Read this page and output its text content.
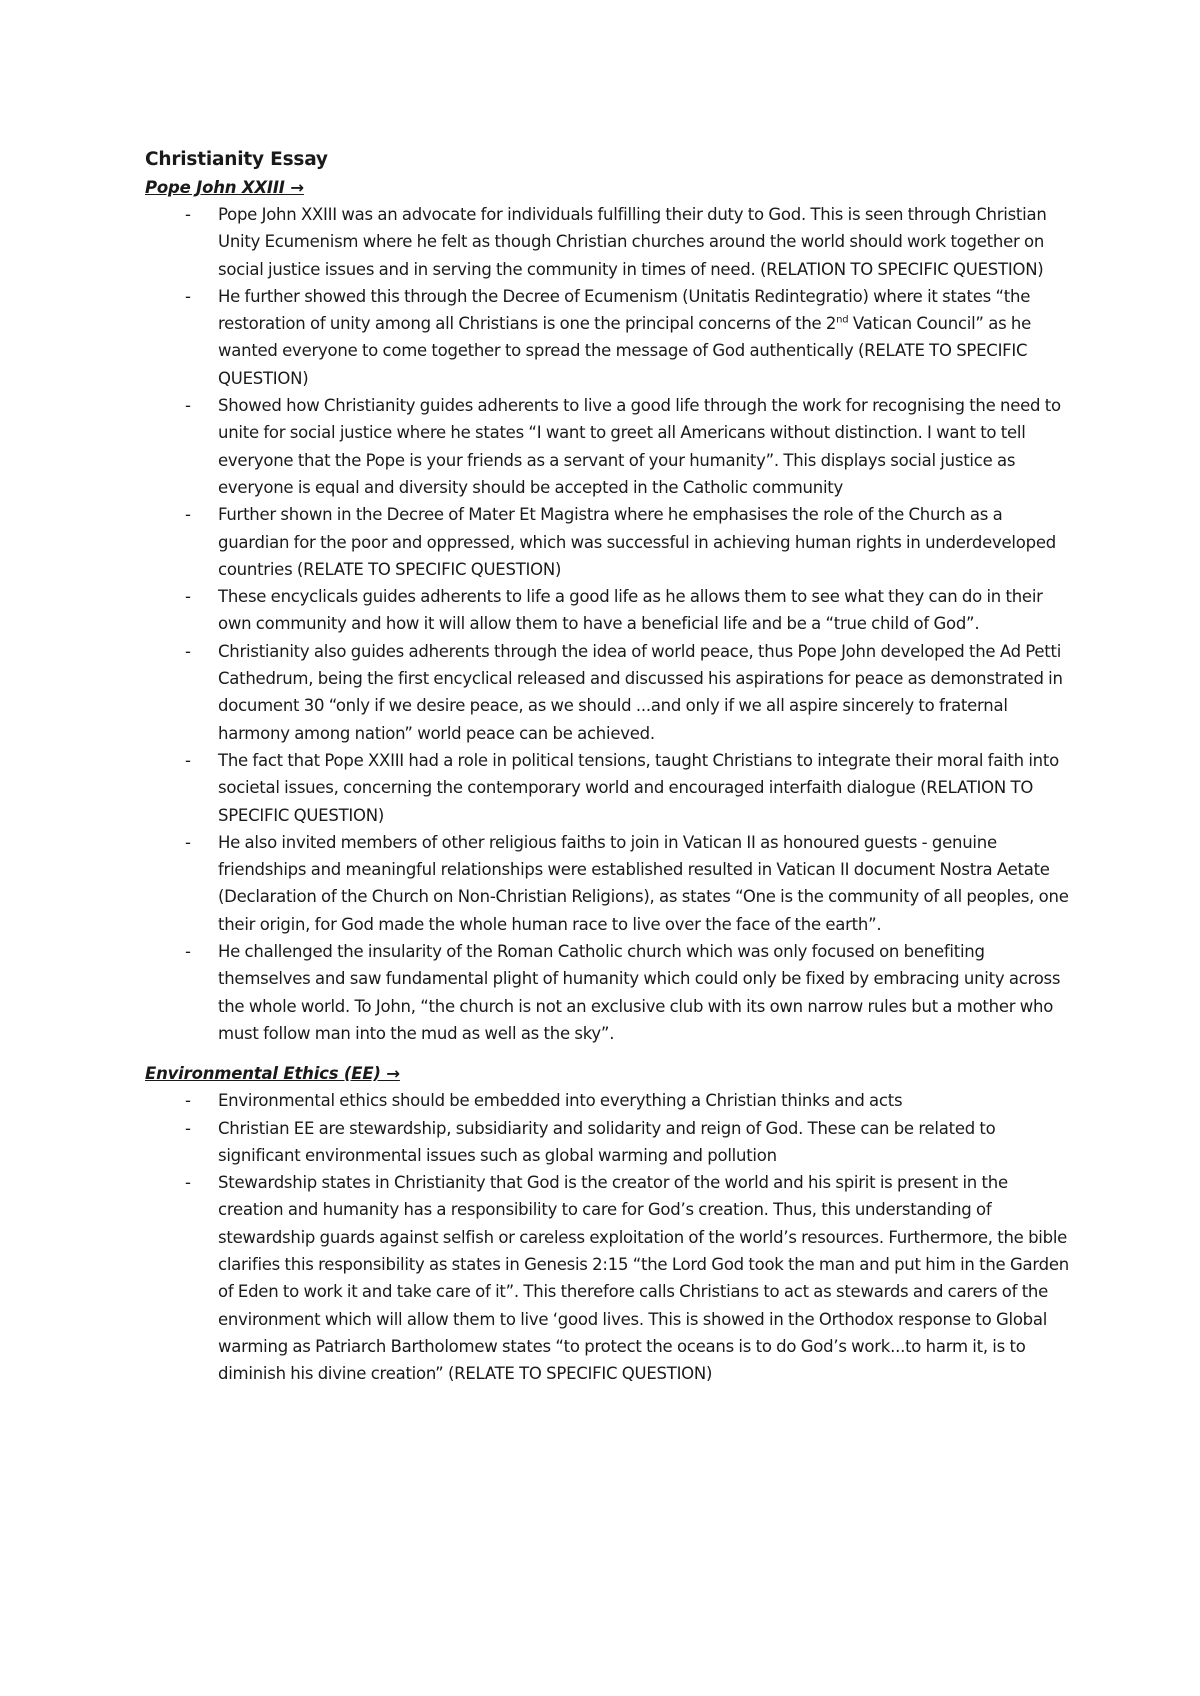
Christianity Essay
Pope John XXIII →
- Pope John XXIII was an advocate for individuals fulfilling their duty to God. This is seen through Christian Unity Ecumenism where he felt as though Christian churches around the world should work together on social justice issues and in serving the community in times of need. (RELATION TO SPECIFIC QUESTION)
- He further showed this through the Decree of Ecumenism (Unitatis Redintegratio) where it states “the restoration of unity among all Christians is one the principal concerns of the 2nd Vatican Council” as he wanted everyone to come together to spread the message of God authentically (RELATE TO SPECIFIC QUESTION)
- Showed how Christianity guides adherents to live a good life through the work for recognising the need to unite for social justice where he states “I want to greet all Americans without distinction. I want to tell everyone that the Pope is your friends as a servant of your humanity”. This displays social justice as everyone is equal and diversity should be accepted in the Catholic community
- Further shown in the Decree of Mater Et Magistra where he emphasises the role of the Church as a guardian for the poor and oppressed, which was successful in achieving human rights in underdeveloped countries (RELATE TO SPECIFIC QUESTION)
- These encyclicals guides adherents to life a good life as he allows them to see what they can do in their own community and how it will allow them to have a beneficial life and be a “true child of God”.
- Christianity also guides adherents through the idea of world peace, thus Pope John developed the Ad Petti Cathedrum, being the first encyclical released and discussed his aspirations for peace as demonstrated in document 30 “only if we desire peace, as we should ...and only if we all aspire sincerely to fraternal harmony among nation” world peace can be achieved.
- The fact that Pope XXIII had a role in political tensions, taught Christians to integrate their moral faith into societal issues, concerning the contemporary world and encouraged interfaith dialogue (RELATION TO SPECIFIC QUESTION)
- He also invited members of other religious faiths to join in Vatican II as honoured guests - genuine friendships and meaningful relationships were established resulted in Vatican II document Nostra Aetate (Declaration of the Church on Non-Christian Religions), as states “One is the community of all peoples, one their origin, for God made the whole human race to live over the face of the earth”.
- He challenged the insularity of the Roman Catholic church which was only focused on benefiting themselves and saw fundamental plight of humanity which could only be fixed by embracing unity across the whole world. To John, “the church is not an exclusive club with its own narrow rules but a mother who must follow man into the mud as well as the sky”.
Environmental Ethics (EE) →
- Environmental ethics should be embedded into everything a Christian thinks and acts
- Christian EE are stewardship, subsidiarity and solidarity and reign of God. These can be related to significant environmental issues such as global warming and pollution
- Stewardship states in Christianity that God is the creator of the world and his spirit is present in the creation and humanity has a responsibility to care for God’s creation. Thus, this understanding of stewardship guards against selfish or careless exploitation of the world’s resources. Furthermore, the bible clarifies this responsibility as states in Genesis 2:15 “the Lord God took the man and put him in the Garden of Eden to work it and take care of it”. This therefore calls Christians to act as stewards and carers of the environment which will allow them to live ‘good lives. This is showed in the Orthodox response to Global warming as Patriarch Bartholomew states “to protect the oceans is to do God’s work...to harm it, is to diminish his divine creation” (RELATE TO SPECIFIC QUESTION)
